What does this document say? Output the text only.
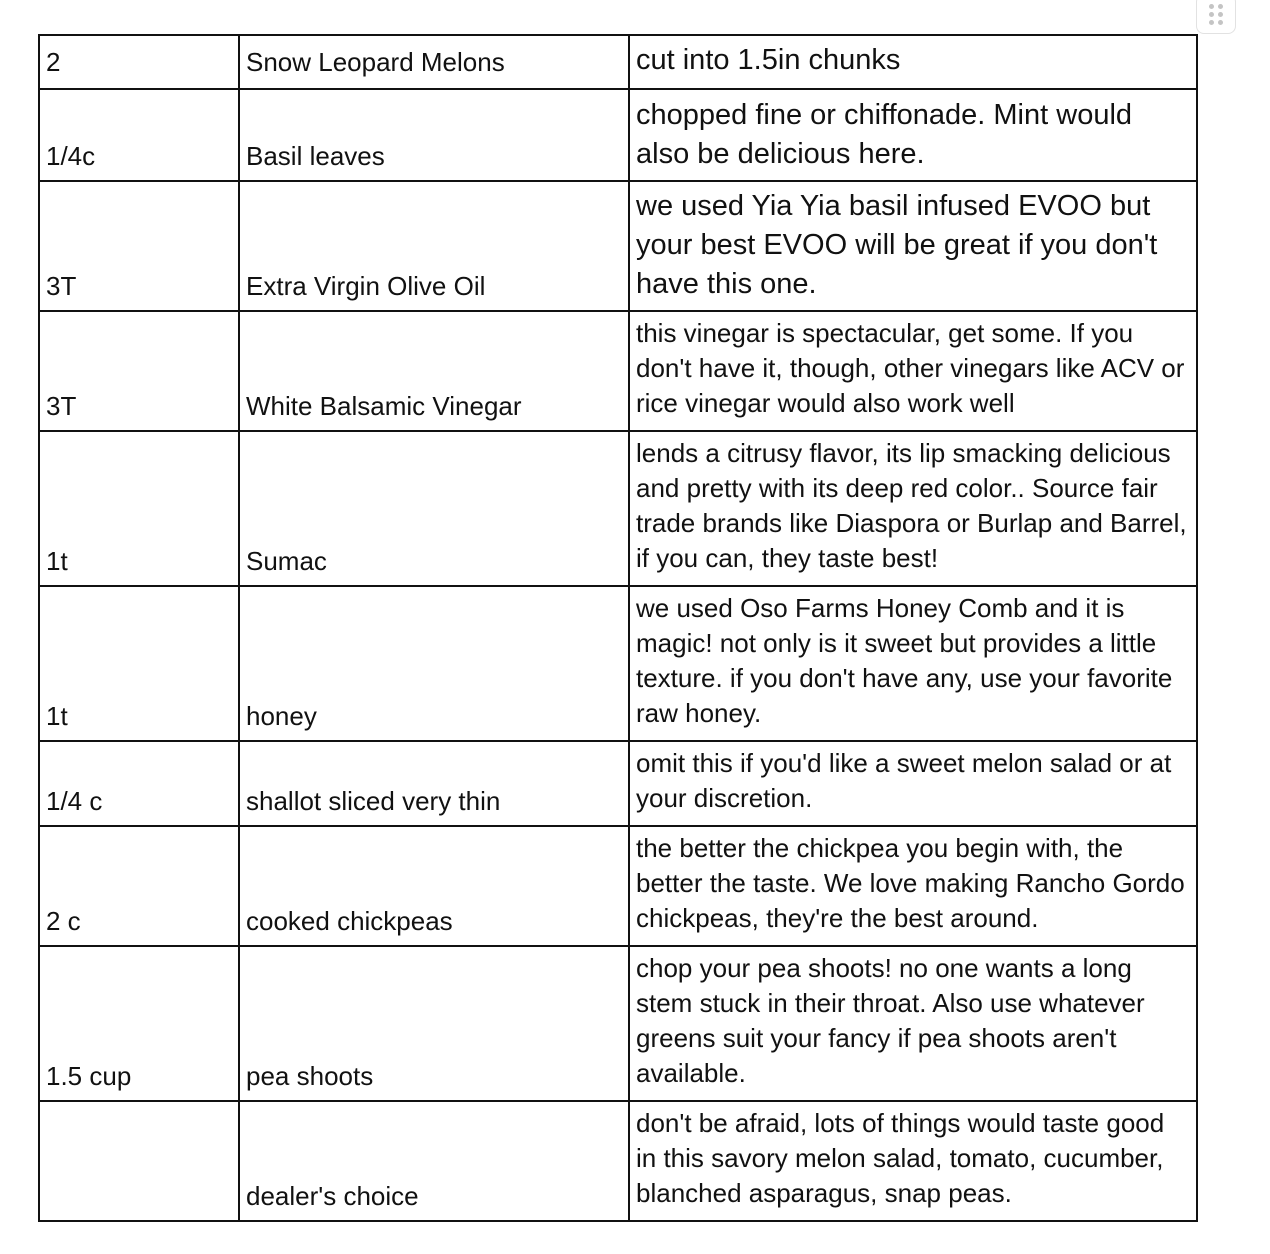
2	Snow Leopard Melons	cut into 1.5in chunks
1/4c	Basil leaves	chopped fine or chiffonade. Mint would also be delicious here.
3T	Extra Virgin Olive Oil	we used Yia Yia basil infused EVOO but your best EVOO will be great if you don't have this one.
3T	White Balsamic Vinegar	this vinegar is spectacular, get some. If you don't have it, though, other vinegars like ACV or rice vinegar would also work well
1t	Sumac	lends a citrusy flavor, its lip smacking delicious and pretty with its deep red color.. Source fair trade brands like Diaspora or Burlap and Barrel, if you can, they taste best!
1t	honey	we used Oso Farms Honey Comb and it is magic! not only is it sweet but provides a little texture. if you don't have any, use your favorite raw honey.
1/4 c	shallot sliced very thin	omit this if you'd like a sweet melon salad or at your discretion.
2 c	cooked chickpeas	the better the chickpea you begin with, the better the taste. We love making Rancho Gordo chickpeas, they're the best around.
1.5 cup	pea shoots	chop your pea shoots! no one wants a long stem stuck in their throat. Also use whatever greens suit your fancy if pea shoots aren't available.
	dealer's choice	don't be afraid, lots of things would taste good in this savory melon salad, tomato, cucumber, blanched asparagus, snap peas.
